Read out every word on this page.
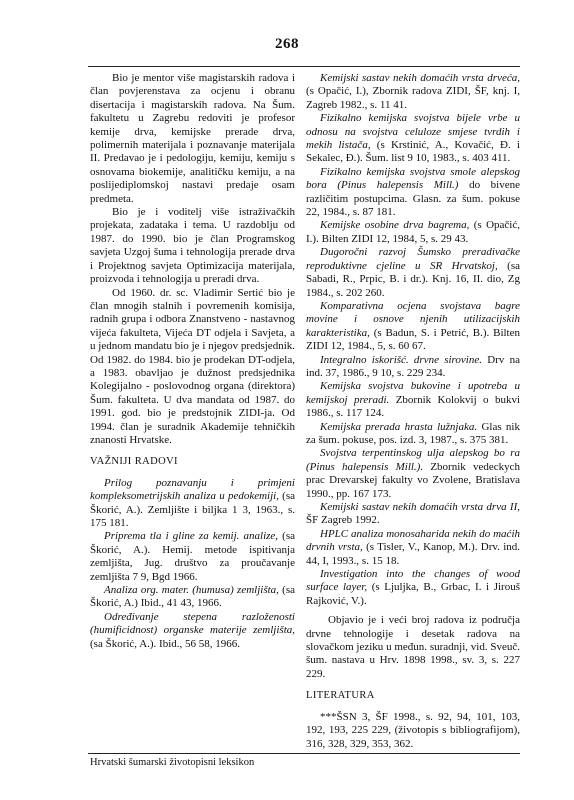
268

Bio je mentor više magistarskih radova i član povjerenstava za ocjenu i obranu disertacija i magistarskih radova. Na Šum. fakultetu u Zagrebu redoviti je profesor kemije drva, kemijske prerade drva, polimernih materijala i poznavanje materijala II. Predavao je i pedologiju, kemiju, kemiju s osnovama biokemije, analitičku kemiju, a na poslijediplomskoj nastavi predaje osam predmeta.

Bio je i voditelj više istraživačkih projekata, zadataka i tema. U razdoblju od 1987. do 1990. bio je član Programskog savjeta Uzgoj šuma i tehnologija prerade drva i Projektnog savjeta Optimizacija materijala, proizvoda i tehnologija u preradi drva.

Od 1960. dr. sc. Vladimir Sertić bio je član mnogih stalnih i povremenih komisija, radnih grupa i odbora Znanstveno - nastavnog vijeća fakulteta, Vijeća DT odjela i Savjeta, a u jednom mandatu bio je i njegov predsjednik. Od 1982. do 1984. bio je prodekan DT-odjela, a 1983. obavljao je dužnost predsjednika Kolegijalno - poslovodnog organa (direktora) Šum. fakulteta. U dva mandata od 1987. do 1991. god. bio je predstojnik ZIDI-ja. Od 1994. član je suradnik Akademije tehničkih znanosti Hrvatske.

VAŽNIJI RADOVI

Prilog poznavanju i primjeni kompleksometrijskih analiza u pedokemiji, (sa Škorić, A.). Zemljište i biljka 1 3, 1963., s. 175 181.

Priprema tla i gline za kemij. analize, (sa Škorić, A.). Hemij. metode ispitivanja zemljišta, Jug. društvo za proučavanje zemljišta 7 9, Bgd 1966.

Analiza org. mater. (humusa) zemljišta, (sa Škorić, A.) Ibid., 41 43, 1966.

Određivanje stepena razloženosti (humificidnost) organske materije zemljišta, (sa Škorić, A.). Ibid., 56 58, 1966.

Kemijski sastav nekih domaćih vrsta drveća, (s Opačić, I.), Zbornik radova ZIDI, ŠF, knj. I, Zagreb 1982., s. 11 41.

Fizikalno kemijska svojstva bijele vrbe u odnosu na svojstva celuloze smjese tvrdih i mekih listača, (s Krstinić, A., Kovačić, Đ. i Sekalec, Đ.). Šum. list 9 10, 1983., s. 403 411.

Fizikalno kemijska svojstva smole alepskog bora (Pinus halepensis Mill.) do bivene različitim postupcima. Glasn. za šum. pokuse 22, 1984., s. 87 181.

Kemijske osobine drva bagrema, (s Opačić, I.). Bilten ZIDI 12, 1984, 5, s. 29 43.

Dugoročni razvoj Šumsko preradivačke reproduktivne cjeline u SR Hrvatskoj, (sa Sabadi, R., Prpic, B. i dr.). Knj. 16, II. dio, Zg 1984., s. 202 260.

Komparativna ocjena svojstava bagre movine i osnove njenih utilizacijskih karakteristika, (s Badun, S. i Petrić, B.). Bilten ZIDI 12, 1984., 5, s. 60 67.

Integralno iskorišć. drvne sirovine. Drv na ind. 37, 1986., 9 10, s. 229 234.

Kemijska svojstva bukovine i upotreba u kemijskoj preradi. Zbornik Kolokvij o bukvi 1986., s. 117 124.

Kemijska prerada hrasta lužnjaka. Glas nik za šum. pokuse, pos. izd. 3, 1987., s. 375 381.

Svojstva terpentinskog ulja alepskog bo ra (Pinus halepensis Mill.). Zbornik vedeckych prac Drevarskej fakulty vo Zvolene, Bratislava 1990., pp. 167 173.

Kemijski sastav nekih domaćih vrsta drva II, ŠF Zagreb 1992.

HPLC analiza monosaharida nekih do maćih drvnih vrsta, (s Tisler, V., Kanop, M.). Drv. ind. 44, I, 1993., s. 15 18.

Investigation into the changes of wood surface layer, (s Ljuljka, B., Grbac, I. i Jirouš Rajković, V.).

Objavio je i veći broj radova iz područja drvne tehnologije i desetak radova na slovačkom jeziku u međun. suradnji, vid. Sveuč. šum. nastava u Hrv. 1898 1998., sv. 3, s. 227 229.

LITERATURA

***ŠSN 3, ŠF 1998., s. 92, 94, 101, 103, 192, 193, 225 229, (životopis s bibliografijom), 316, 328, 329, 353, 362.

Hrvatski šumarski životopisni leksikon
